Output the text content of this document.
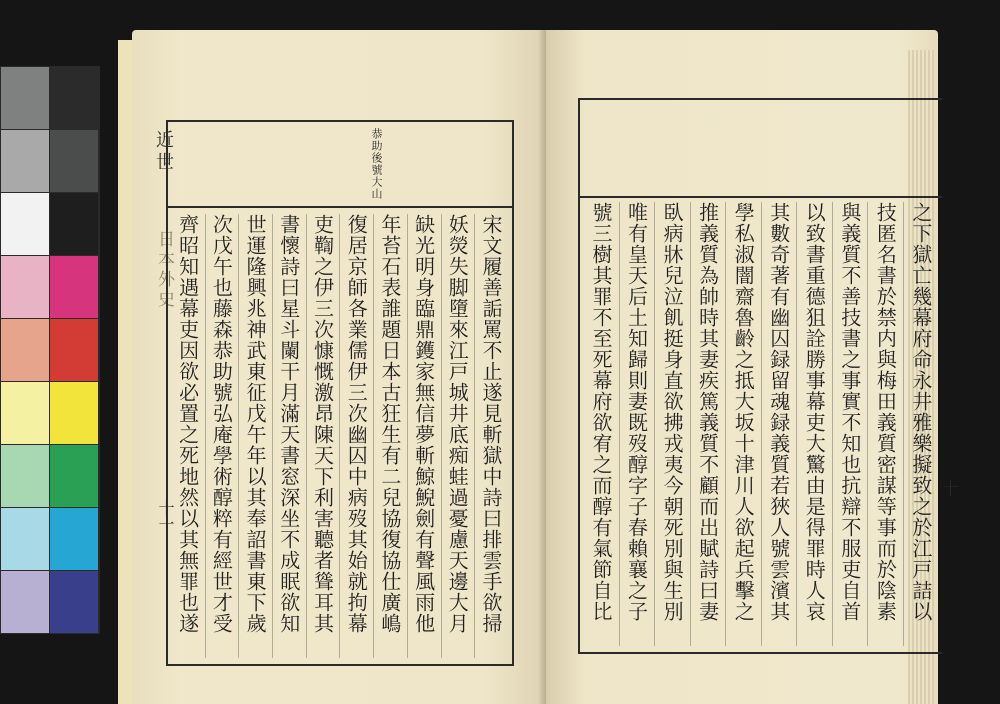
近世
日本外史
十一
恭助後號大山
宋文履善詬罵不止遂見斬獄中詩曰排雲手欲掃
妖熒失脚墮來江戸城井底痴蛙過憂慮天邊大月
缺光明身臨鼎鑊家無信夢斬鯨鯢劍有聲風雨他
年苔石表誰題日本古狂生有二兒協復協仕廣嶋
復居京師各業儒伊三次幽囚中病歿其始就拘幕
吏鞫之伊三次慷慨激昂陳天下利害聽者聳耳其
書懷詩曰星斗闌干月滿天書窓深坐不成眠欲知
世運隆興兆神武東征戊午年以其奉詔書東下歲
次戊午也藤森恭助號弘庵學術醇粹有經世才受
齊昭知遇幕吏因欲必置之死地然以其無罪也遂	之下獄亡幾幕府命永井雅樂擬致之於江戸詰以
技匿名書於禁内與梅田義質密謀等事而於陰素
與義質不善技書之事實不知也抗辯不服吏自首
以致書重德狙詮勝事幕吏大驚由是得罪時人哀
其數奇著有幽囚録留魂録義質若狹人號雲濱其
學私淑闇齋魯齡之抵大坂十津川人欲起兵擊之
推義質為帥時其妻疾篤義質不顧而出賦詩曰妻
臥病牀兒泣飢挺身直欲拂戎夷今朝死別與生別
唯有皇天后土知歸則妻既歿醇字子春賴襄之子
號三樹其罪不至死幕府欲宥之而醇有氣節自比	十
